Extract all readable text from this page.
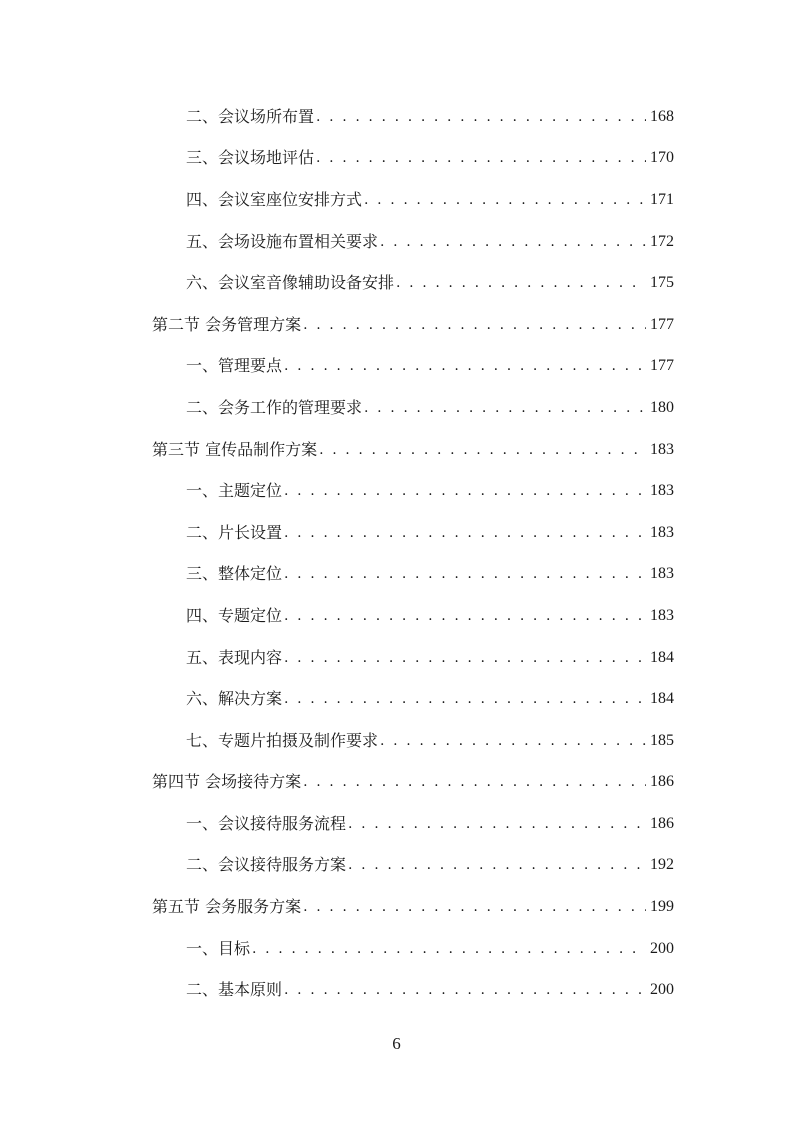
二、会议场所布置 . . .	168
三、会议场地评估 . . .	170
四、会议室座位安排方式 . . .	171
五、会场设施布置相关要求 . . .	172
六、会议室音像辅助设备安排 . . .	175
第二节 会务管理方案 . . .	177
一、管理要点 . . .	177
二、会务工作的管理要求 . . .	180
第三节 宣传品制作方案 . . .	183
一、主题定位 . . .	183
二、片长设置 . . .	183
三、整体定位 . . .	183
四、专题定位 . . .	183
五、表现内容 . . .	184
六、解决方案 . . .	184
七、专题片拍摄及制作要求 . . .	185
第四节 会场接待方案 . . .	186
一、会议接待服务流程 . . .	186
二、会议接待服务方案 . . .	192
第五节 会务服务方案 . . .	199
一、目标 . . .	200
二、基本原则 . . .	200
6
